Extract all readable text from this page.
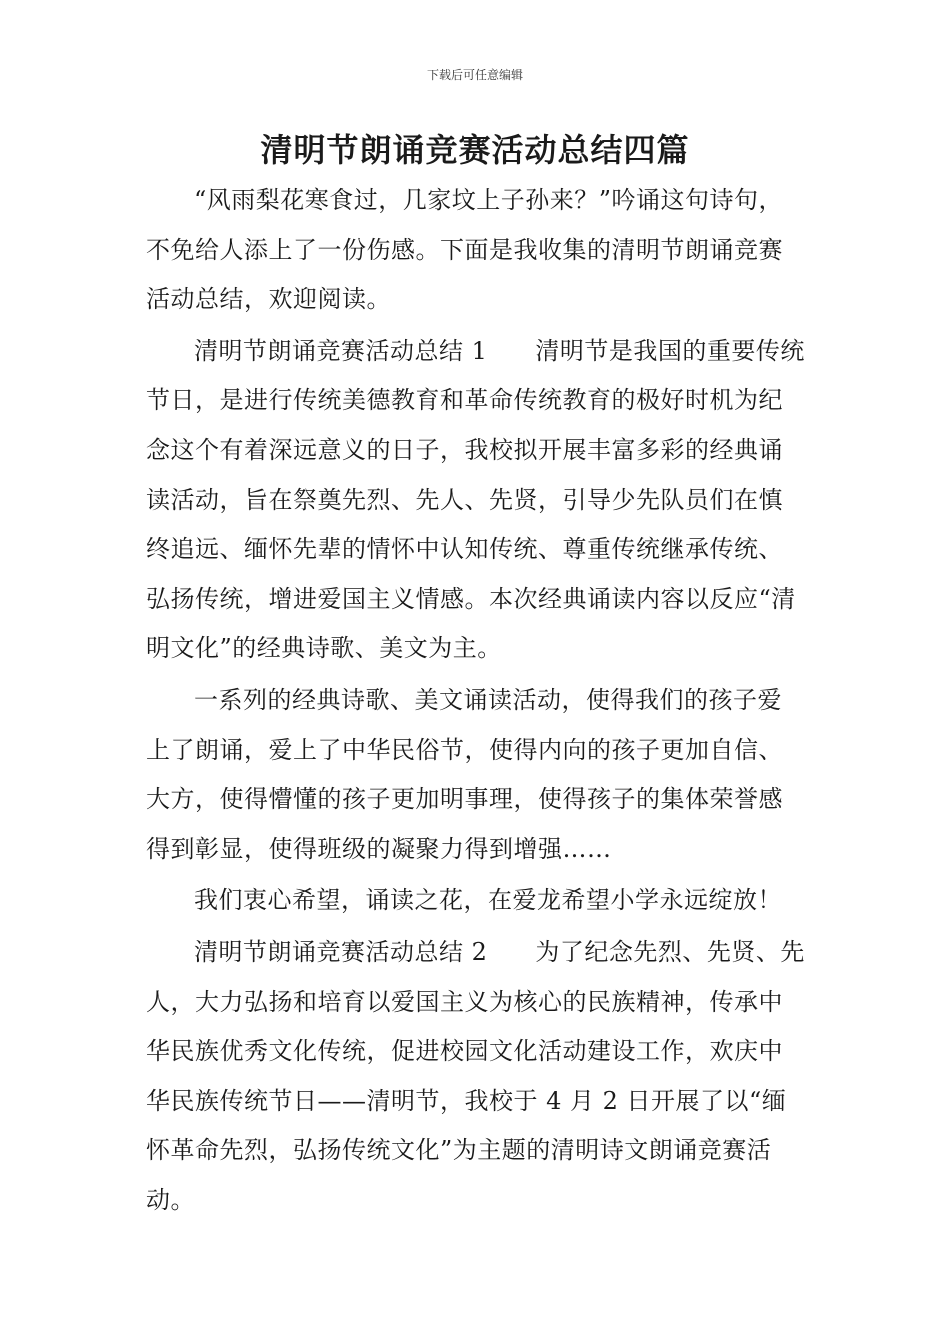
下载后可任意编辑
清明节朗诵竞赛活动总结四篇

“风雨梨花寒食过，几家坟上子孙来？”吟诵这句诗句，不免给人添上了一份伤感。下面是我收集的清明节朗诵竞赛活动总结，欢迎阅读。

清明节朗诵竞赛活动总结 1 清明节是我国的重要传统节日，是进行传统美德教育和革命传统教育的极好时机为纪念这个有着深远意义的日子，我校拟开展丰富多彩的经典诵读活动，旨在祭奠先烈、先人、先贤，引导少先队员们在慎终追远、缅怀先辈的情怀中认知传统、尊重传统继承传统、弘扬传统，增进爱国主义情感。本次经典诵读内容以反应“清明文化”的经典诗歌、美文为主。

一系列的经典诗歌、美文诵读活动，使得我们的孩子爱上了朗诵，爱上了中华民俗节，使得内向的孩子更加自信、大方，使得懵懂的孩子更加明事理，使得孩子的集体荣誉感得到彰显，使得班级的凝聚力得到增强……

我们衷心希望，诵读之花，在爱龙希望小学永远绽放！

清明节朗诵竞赛活动总结 2 为了纪念先烈、先贤、先人，大力弘扬和培育以爱国主义为核心的民族精神，传承中华民族优秀文化传统，促进校园文化活动建设工作，欢庆中华民族传统节日——清明节，我校于 4 月 2 日开展了以“缅怀革命先烈，弘扬传统文化”为主题的清明诗文朗诵竞赛活动。
